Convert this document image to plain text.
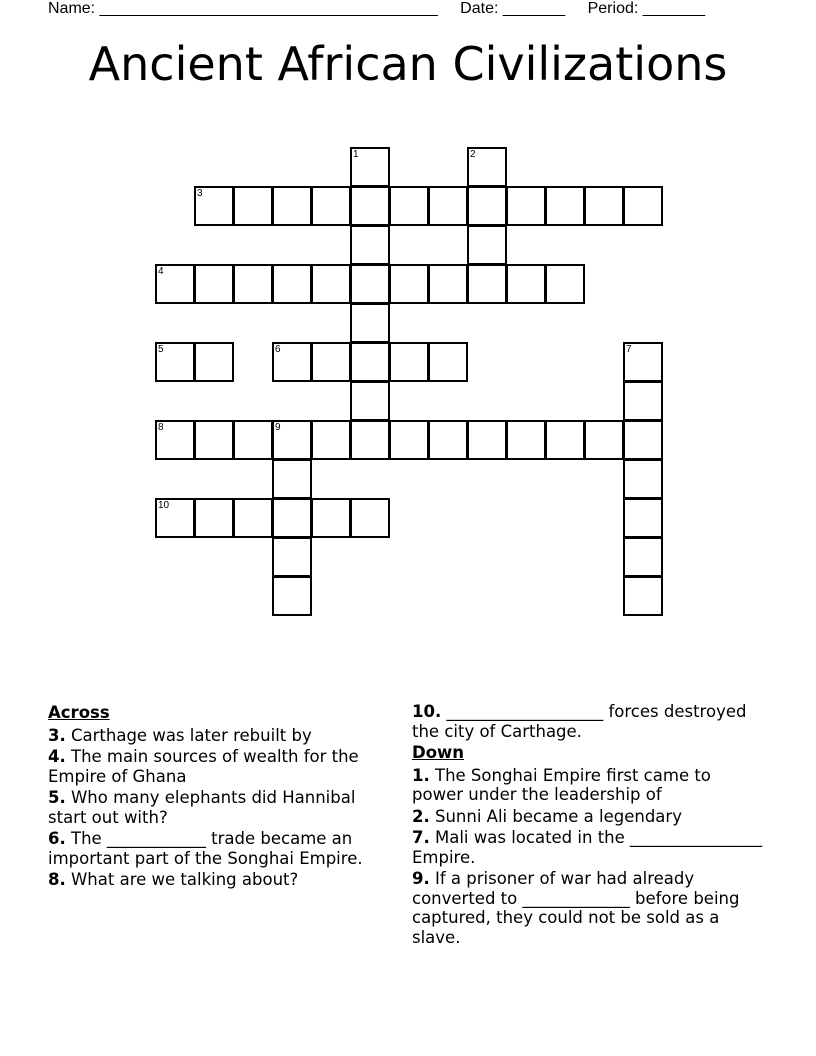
Name: ______________________________________ Date: _______ Period: _______
Ancient African Civilizations
1	2
3
4
5	6	7
8	9
10
Across
3. Carthage was later rebuilt by
4. The main sources of wealth for the Empire of Ghana
5. Who many elephants did Hannibal start out with?
6. The ____________ trade became an important part of the Songhai Empire.
8. What are we talking about?
10. ___________________ forces destroyed the city of Carthage.
Down
1. The Songhai Empire first came to power under the leadership of
2. Sunni Ali became a legendary
7. Mali was located in the ________________ Empire.
9. If a prisoner of war had already converted to _____________ before being captured, they could not be sold as a slave.
